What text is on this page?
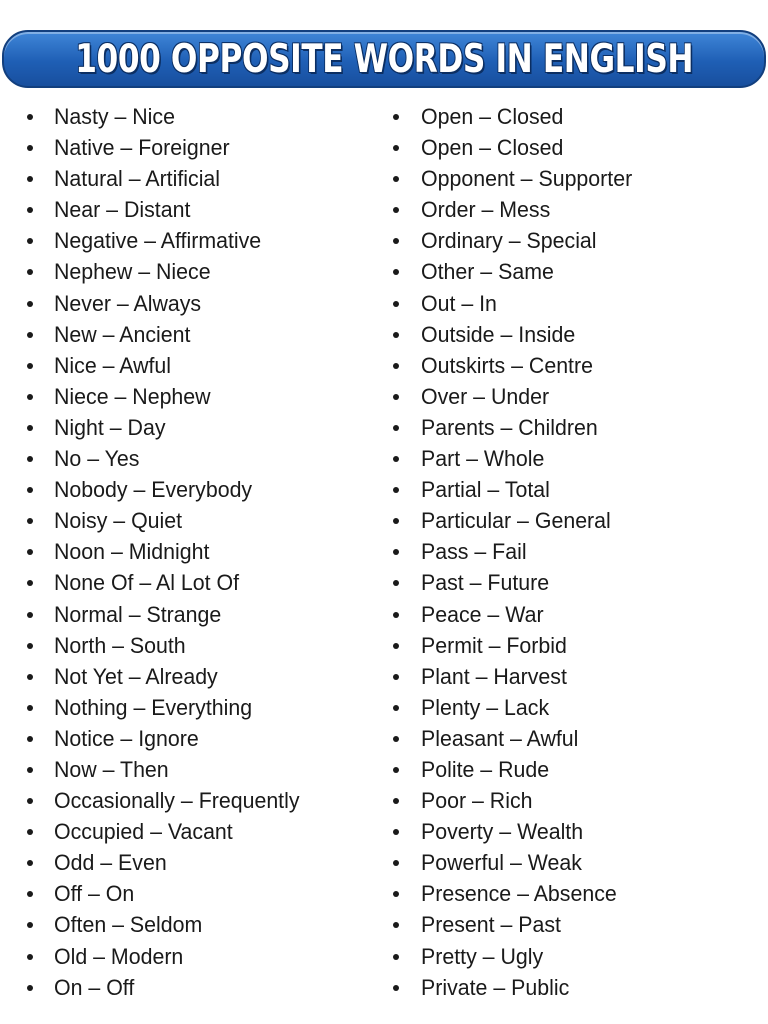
1000 OPPOSITE WORDS IN ENGLISH
Nasty – Nice
Native – Foreigner
Natural – Artificial
Near – Distant
Negative – Affirmative
Nephew – Niece
Never – Always
New – Ancient
Nice – Awful
Niece – Nephew
Night – Day
No – Yes
Nobody – Everybody
Noisy – Quiet
Noon – Midnight
None Of – Al Lot Of
Normal – Strange
North – South
Not Yet – Already
Nothing – Everything
Notice – Ignore
Now – Then
Occasionally – Frequently
Occupied – Vacant
Odd – Even
Off – On
Often – Seldom
Old – Modern
On – Off
Open – Closed
Open – Closed
Opponent – Supporter
Order – Mess
Ordinary – Special
Other – Same
Out – In
Outside – Inside
Outskirts – Centre
Over – Under
Parents – Children
Part – Whole
Partial – Total
Particular – General
Pass – Fail
Past – Future
Peace – War
Permit – Forbid
Plant – Harvest
Plenty – Lack
Pleasant – Awful
Polite – Rude
Poor – Rich
Poverty – Wealth
Powerful – Weak
Presence – Absence
Present – Past
Pretty – Ugly
Private – Public
